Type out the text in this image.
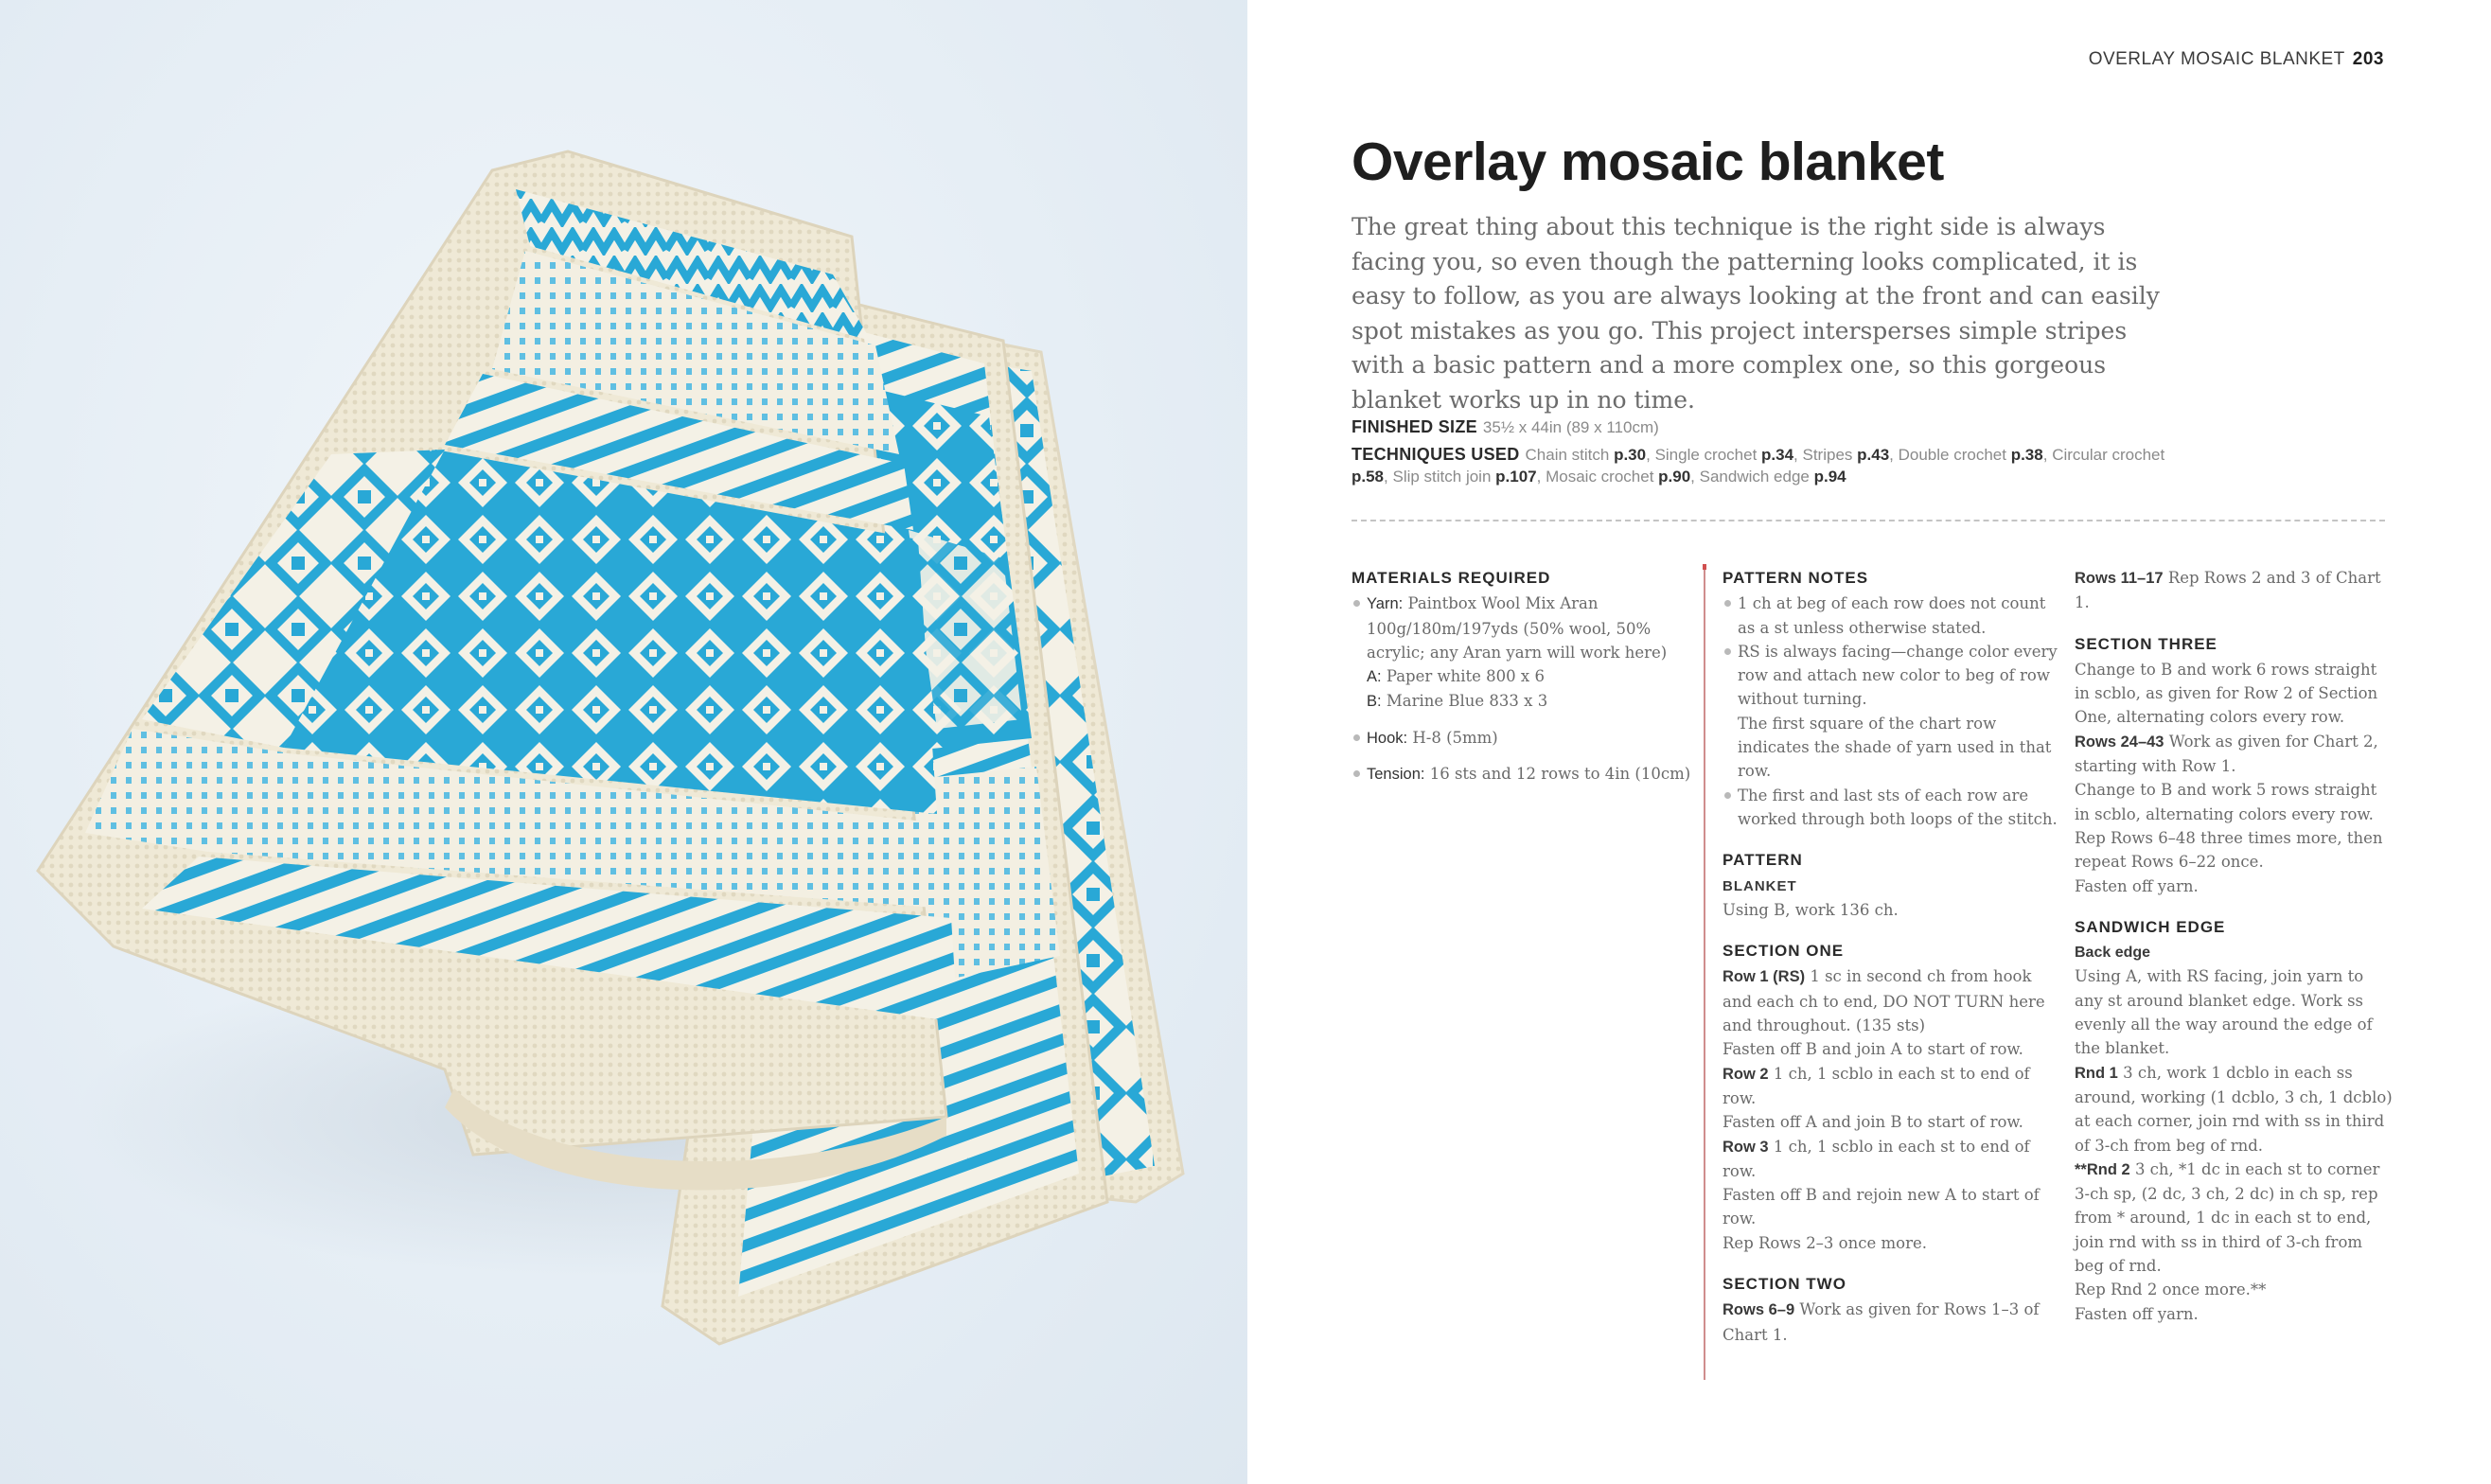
OVERLAY MOSAIC BLANKET 203
Overlay mosaic blanket

The great thing about this technique is the right side is always facing you, so even though the patterning looks complicated, it is easy to follow, as you are always looking at the front and can easily spot mistakes as you go. This project intersperses simple stripes with a basic pattern and a more complex one, so this gorgeous blanket works up in no time.

FINISHED SIZE 35½ x 44in (89 x 110cm)
TECHNIQUES USED Chain stitch p.30, Single crochet p.34, Stripes p.43, Double crochet p.38, Circular crochet p.58, Slip stitch join p.107, Mosaic crochet p.90, Sandwich edge p.94
MATERIALS REQUIRED
Yarn: Paintbox Wool Mix Aran 100g/180m/197yds (50% wool, 50% acrylic; any Aran yarn will work here)
A: Paper white 800 x 6
B: Marine Blue 833 x 3
Hook: H-8 (5mm)
Tension: 16 sts and 12 rows to 4in (10cm)
PATTERN NOTES
1 ch at beg of each row does not count as a st unless otherwise stated.
RS is always facing—change color every row and attach new color to beg of row without turning.

The first square of the chart row indicates the shade of yarn used in that row.

The first and last sts of each row are worked through both loops of the stitch.
PATTERN
BLANKET

Using B, work 136 ch.

SECTION ONE

Row 1 (RS) 1 sc in second ch from hook and each ch to end, DO NOT TURN here and throughout. (135 sts)

Fasten off B and join A to start of row.

Row 2 1 ch, 1 scblo in each st to end of row.

Fasten off A and join B to start of row.

Row 3 1 ch, 1 scblo in each st to end of row.

Fasten off B and rejoin new A to start of row.

Rep Rows 2–3 once more.

SECTION TWO

Rows 6–9 Work as given for Rows 1–3 of Chart 1.

Rows 11–17 Rep Rows 2 and 3 of Chart 1.

SECTION THREE

Change to B and work 6 rows straight in scblo, as given for Row 2 of Section One, alternating colors every row.

Rows 24–43 Work as given for Chart 2, starting with Row 1.

Change to B and work 5 rows straight in scblo, alternating colors every row.

Rep Rows 6–48 three times more, then repeat Rows 6–22 once.

Fasten off yarn.

SANDWICH EDGE
Back edge

Using A, with RS facing, join yarn to any st around blanket edge. Work ss evenly all the way around the edge of the blanket.

Rnd 1 3 ch, work 1 dcblo in each ss around, working (1 dcblo, 3 ch, 1 dcblo) at each corner, join rnd with ss in third of 3-ch from beg of rnd.

**Rnd 2 3 ch, *1 dc in each st to corner 3-ch sp, (2 dc, 3 ch, 2 dc) in ch sp, rep from * around, 1 dc in each st to end, join rnd with ss in third of 3-ch from beg of rnd.

Rep Rnd 2 once more.**

Fasten off yarn.
